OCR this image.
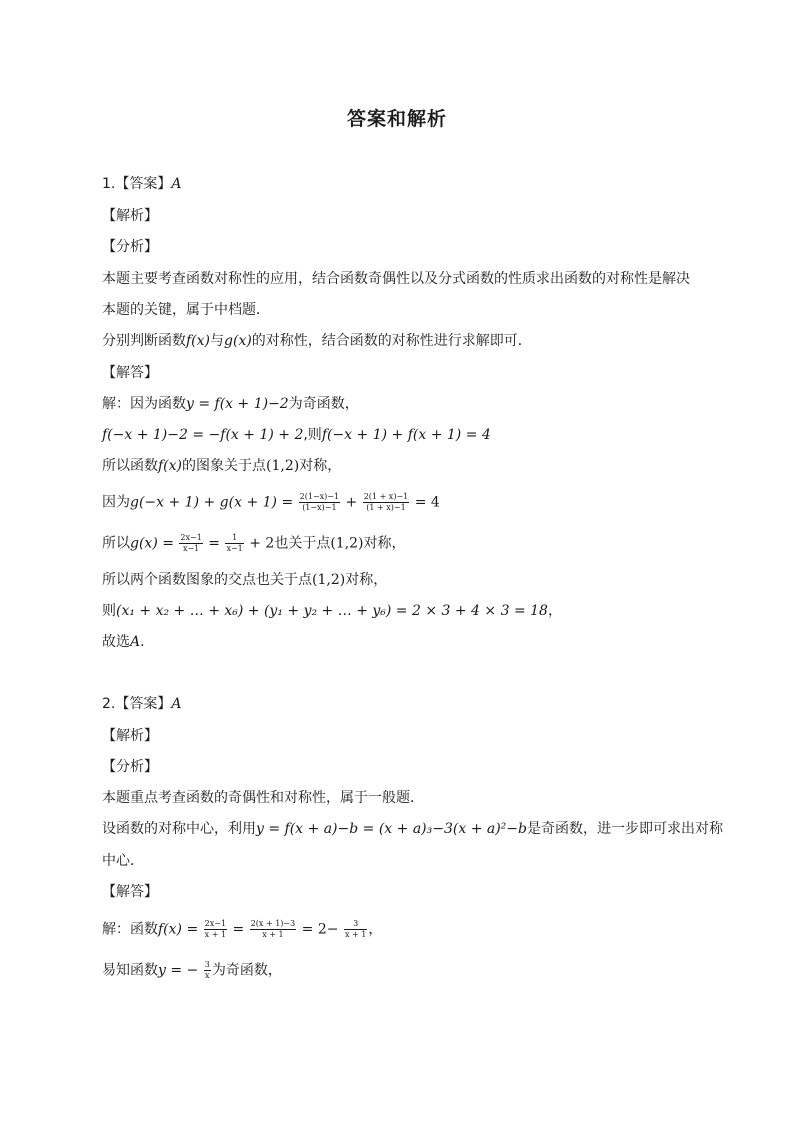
答案和解析
1.【答案】A
【解析】
【分析】
本题主要考查函数对称性的应用，结合函数奇偶性以及分式函数的性质求出函数的对称性是解决
本题的关键，属于中档题．
分别判断函数f(x)与g(x)的对称性，结合函数的对称性进行求解即可．
【解答】
解：因为函数y = f(x + 1)−2为奇函数，
f(−x + 1)−2 = −f(x + 1) + 2,则f(−x + 1) + f(x + 1) = 4
所以函数f(x)的图象关于点(1,2)对称，
因为$g(-x + 1) + g(x + 1) = \frac{2(1-x)-1}{(1-x)-1} + \frac{2(1 + x)-1}{(1 + x)-1} = 4$
所以$g(x) = \frac{2x-1}{x-1} = \frac{1}{x-1} + 2$也关于点(1,2)对称，
所以两个函数图象的交点也关于点(1,2)对称，
则(x₁ + x₂ + … + x₆) + (y₁ + y₂ + … + y₆) = 2 × 3 + 4 × 3 = 18，
故选A.
2.【答案】A
【解析】
【分析】
本题重点考查函数的奇偶性和对称性，属于一般题．
设函数的对称中心，利用y = f(x + a)−b = (x + a)₃−3(x + a)²−b是奇函数，进一步即可求出对称
中心．
【解答】
解：函数$f(x) = \frac{2x-1}{x + 1} = \frac{2(x + 1)-3}{x + 1} = 2- \frac{3}{x + 1}$ ，
易知函数y = − $\frac{3}{x}$ 为奇函数，
